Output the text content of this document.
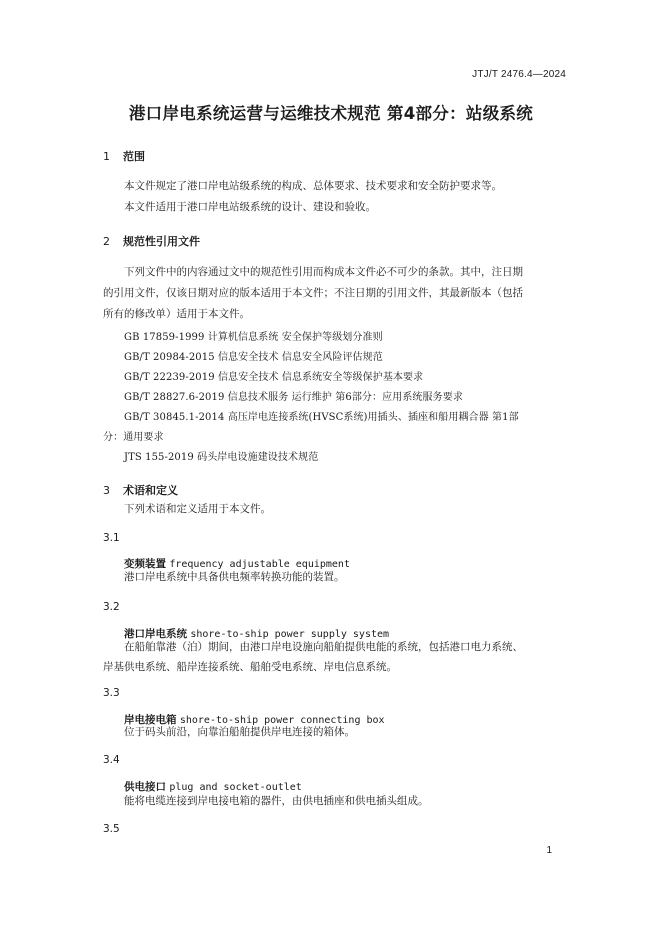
JTJ/T 2476.4—2024
港口岸电系统运营与运维技术规范 第4部分：站级系统
1 范围
本文件规定了港口岸电站级系统的构成、总体要求、技术要求和安全防护要求等。
本文件适用于港口岸电站级系统的设计、建设和验收。
2 规范性引用文件
下列文件中的内容通过文中的规范性引用而构成本文件必不可少的条款。其中，注日期
的引用文件，仅该日期对应的版本适用于本文件；不注日期的引用文件，其最新版本（包括
所有的修改单）适用于本文件。
GB 17859-1999 计算机信息系统 安全保护等级划分准则
GB/T 20984-2015 信息安全技术 信息安全风险评估规范
GB/T 22239-2019 信息安全技术 信息系统安全等级保护基本要求
GB/T 28827.6-2019 信息技术服务 运行维护 第6部分：应用系统服务要求
GB/T 30845.1-2014 高压岸电连接系统(HVSC系统)用插头、插座和船用耦合器 第1部
分：通用要求
JTS 155-2019 码头岸电设施建设技术规范
3 术语和定义
下列术语和定义适用于本文件。
3.1
变频装置 frequency adjustable equipment
港口岸电系统中具备供电频率转换功能的装置。
3.2
港口岸电系统 shore-to-ship power supply system
在船舶靠港（泊）期间，由港口岸电设施向船舶提供电能的系统，包括港口电力系统、
岸基供电系统、船岸连接系统、船舶受电系统、岸电信息系统。
3.3
岸电接电箱 shore-to-ship power connecting box
位于码头前沿，向靠泊船舶提供岸电连接的箱体。
3.4
供电接口 plug and socket-outlet
能将电缆连接到岸电接电箱的器件，由供电插座和供电插头组成。
3.5
1
